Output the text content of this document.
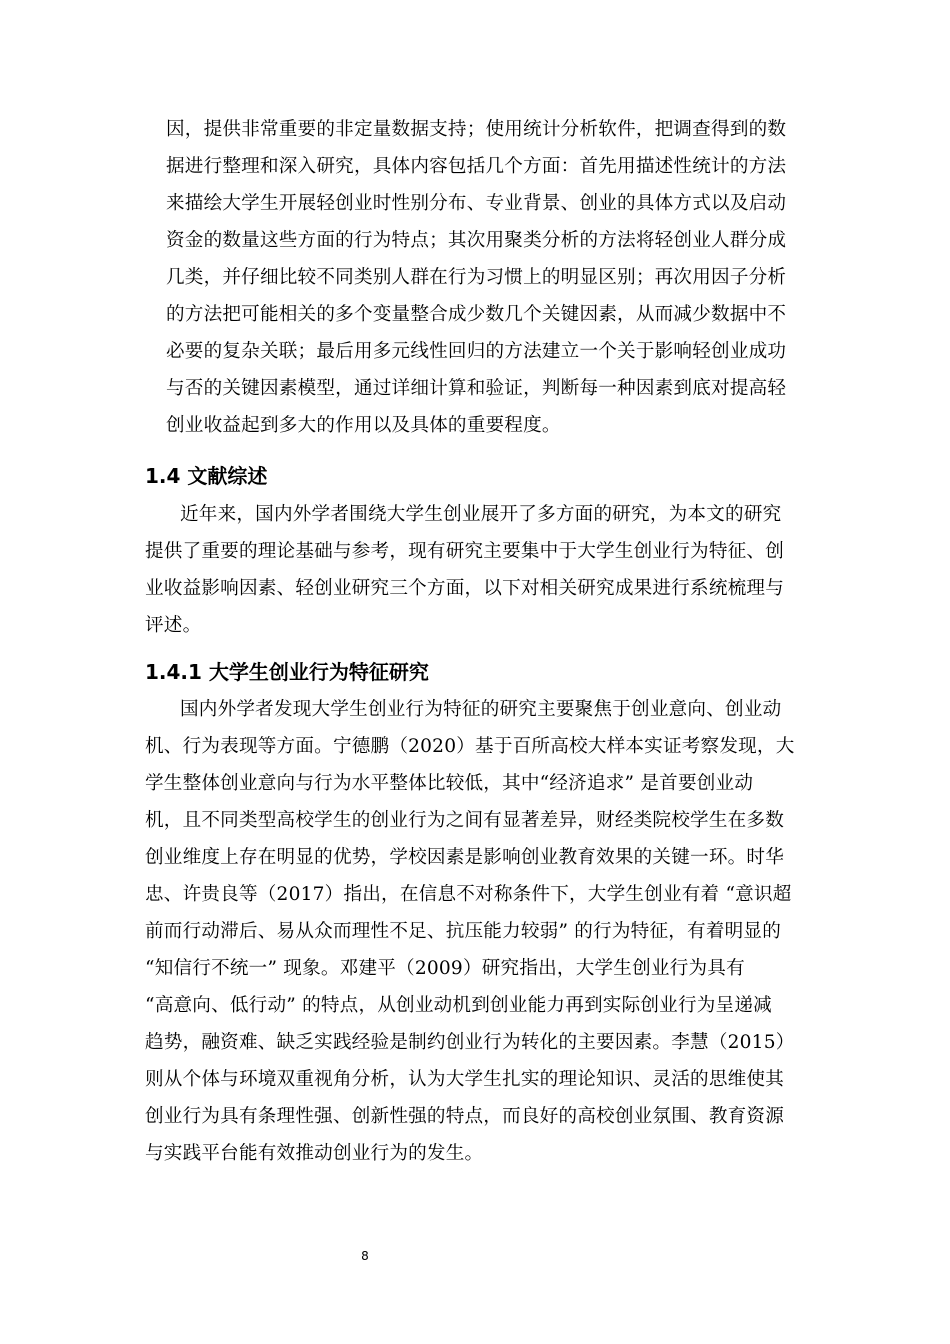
因，提供非常重要的非定量数据支持；使用统计分析软件，把调查得到的数
据进行整理和深入研究，具体内容包括几个方面：首先用描述性统计的方法
来描绘大学生开展轻创业时性别分布、专业背景、创业的具体方式以及启动
资金的数量这些方面的行为特点；其次用聚类分析的方法将轻创业人群分成
几类，并仔细比较不同类别人群在行为习惯上的明显区别；再次用因子分析
的方法把可能相关的多个变量整合成少数几个关键因素，从而减少数据中不
必要的复杂关联；最后用多元线性回归的方法建立一个关于影响轻创业成功
与否的关键因素模型，通过详细计算和验证，判断每一种因素到底对提高轻
创业收益起到多大的作用以及具体的重要程度。
1.4 文献综述
近年来，国内外学者围绕大学生创业展开了多方面的研究，为本文的研究
提供了重要的理论基础与参考，现有研究主要集中于大学生创业行为特征、创
业收益影响因素、轻创业研究三个方面，以下对相关研究成果进行系统梳理与
评述。
1.4.1 大学生创业行为特征研究
国内外学者发现大学生创业行为特征的研究主要聚焦于创业意向、创业动
机、行为表现等方面。宁德鹏（2020）基于百所高校大样本实证考察发现，大
学生整体创业意向与行为水平整体比较低，其中“经济追求” 是首要创业动
机，且不同类型高校学生的创业行为之间有显著差异，财经类院校学生在多数
创业维度上存在明显的优势，学校因素是影响创业教育效果的关键一环。时华
忠、许贵良等（2017）指出，在信息不对称条件下，大学生创业有着 “意识超
前而行动滞后、易从众而理性不足、抗压能力较弱” 的行为特征，有着明显的
“知信行不统一” 现象。邓建平（2009）研究指出，大学生创业行为具有
“高意向、低行动” 的特点，从创业动机到创业能力再到实际创业行为呈递减
趋势，融资难、缺乏实践经验是制约创业行为转化的主要因素。李慧（2015）
则从个体与环境双重视角分析，认为大学生扎实的理论知识、灵活的思维使其
创业行为具有条理性强、创新性强的特点，而良好的高校创业氛围、教育资源
与实践平台能有效推动创业行为的发生。
8
